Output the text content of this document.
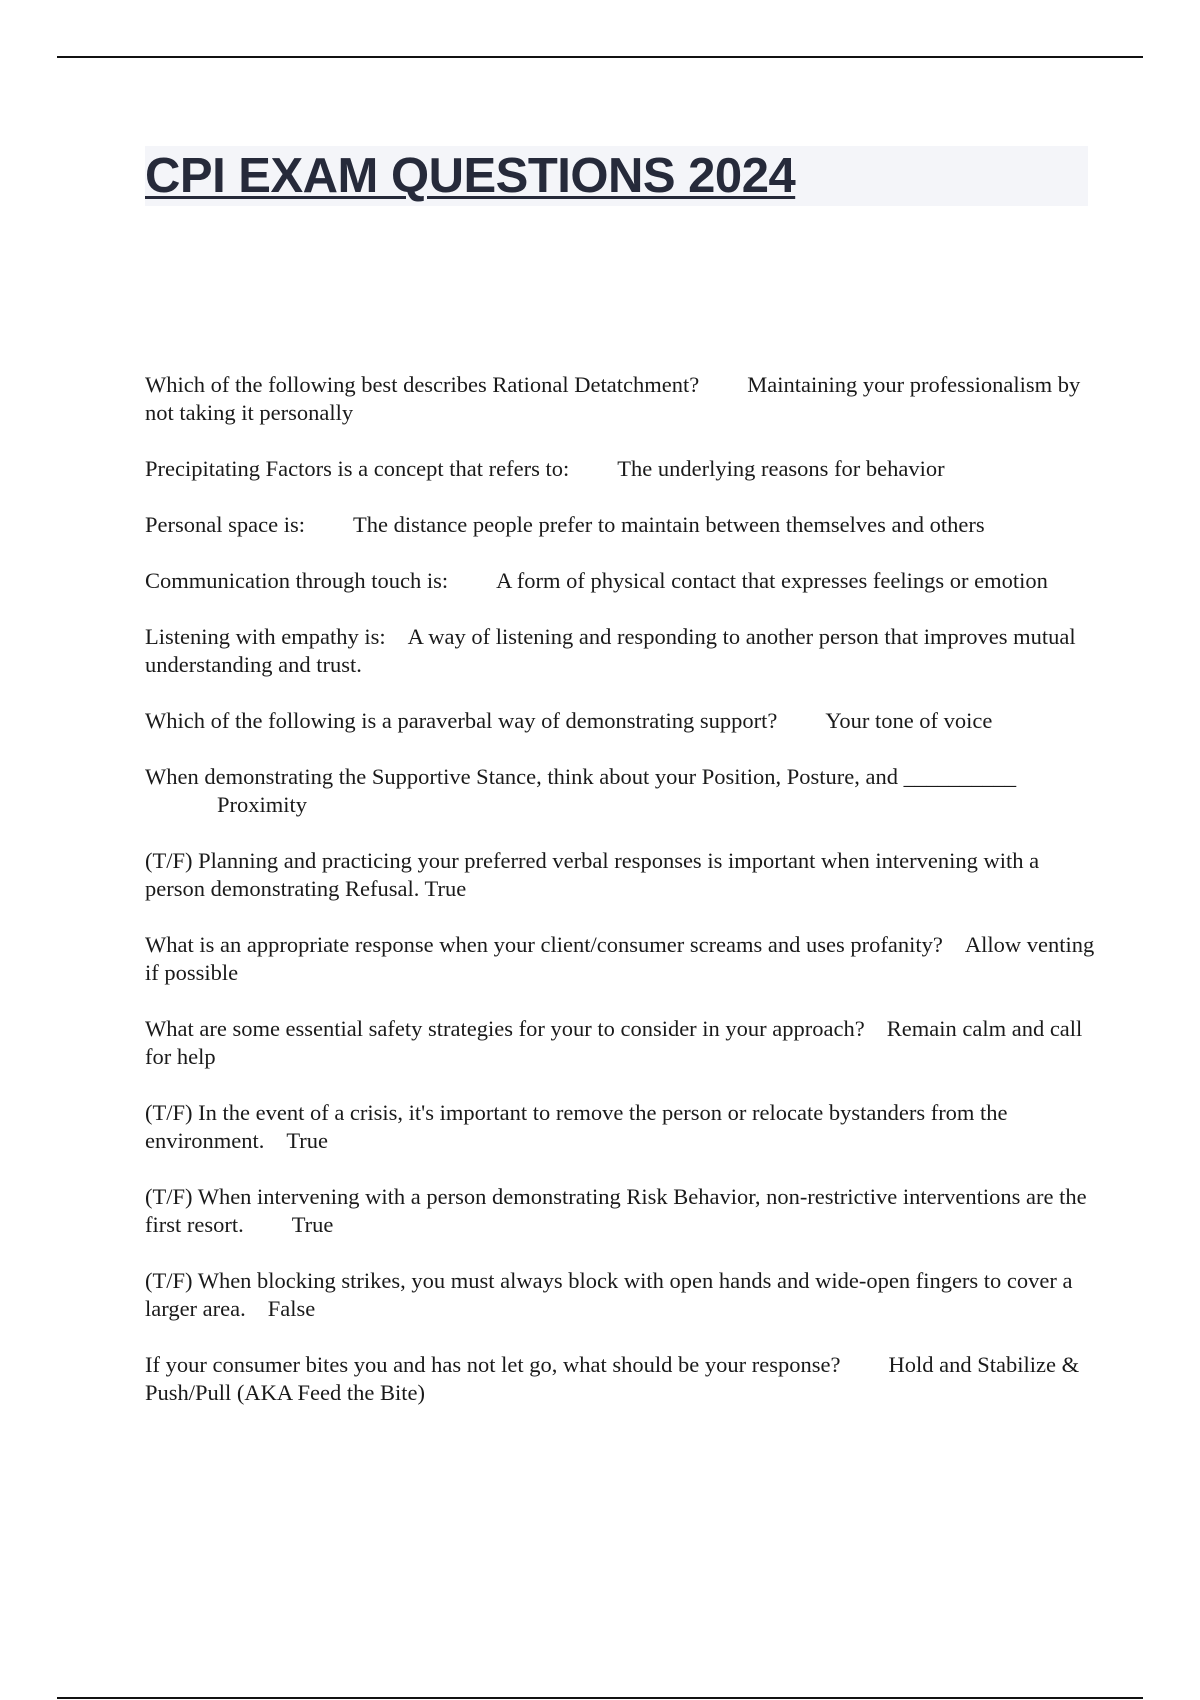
CPI EXAM QUESTIONS 2024

Which of the following best describes Rational Detatchment? Maintaining your professionalism by not taking it personally

Precipitating Factors is a concept that refers to: The underlying reasons for behavior

Personal space is: The distance people prefer to maintain between themselves and others

Communication through touch is: A form of physical contact that expresses feelings or emotion

Listening with empathy is: A way of listening and responding to another person that improves mutual understanding and trust.

Which of the following is a paraverbal way of demonstrating support? Your tone of voice

When demonstrating the Supportive Stance, think about your Position, Posture, and __________
Proximity

(T/F) Planning and practicing your preferred verbal responses is important when intervening with a person demonstrating Refusal. True

What is an appropriate response when your client/consumer screams and uses profanity? Allow venting if possible

What are some essential safety strategies for your to consider in your approach? Remain calm and call for help

(T/F) In the event of a crisis, it's important to remove the person or relocate bystanders from the environment. True

(T/F) When intervening with a person demonstrating Risk Behavior, non-restrictive interventions are the first resort. True

(T/F) When blocking strikes, you must always block with open hands and wide-open fingers to cover a larger area. False

If your consumer bites you and has not let go, what should be your response? Hold and Stabilize & Push/Pull (AKA Feed the Bite)
